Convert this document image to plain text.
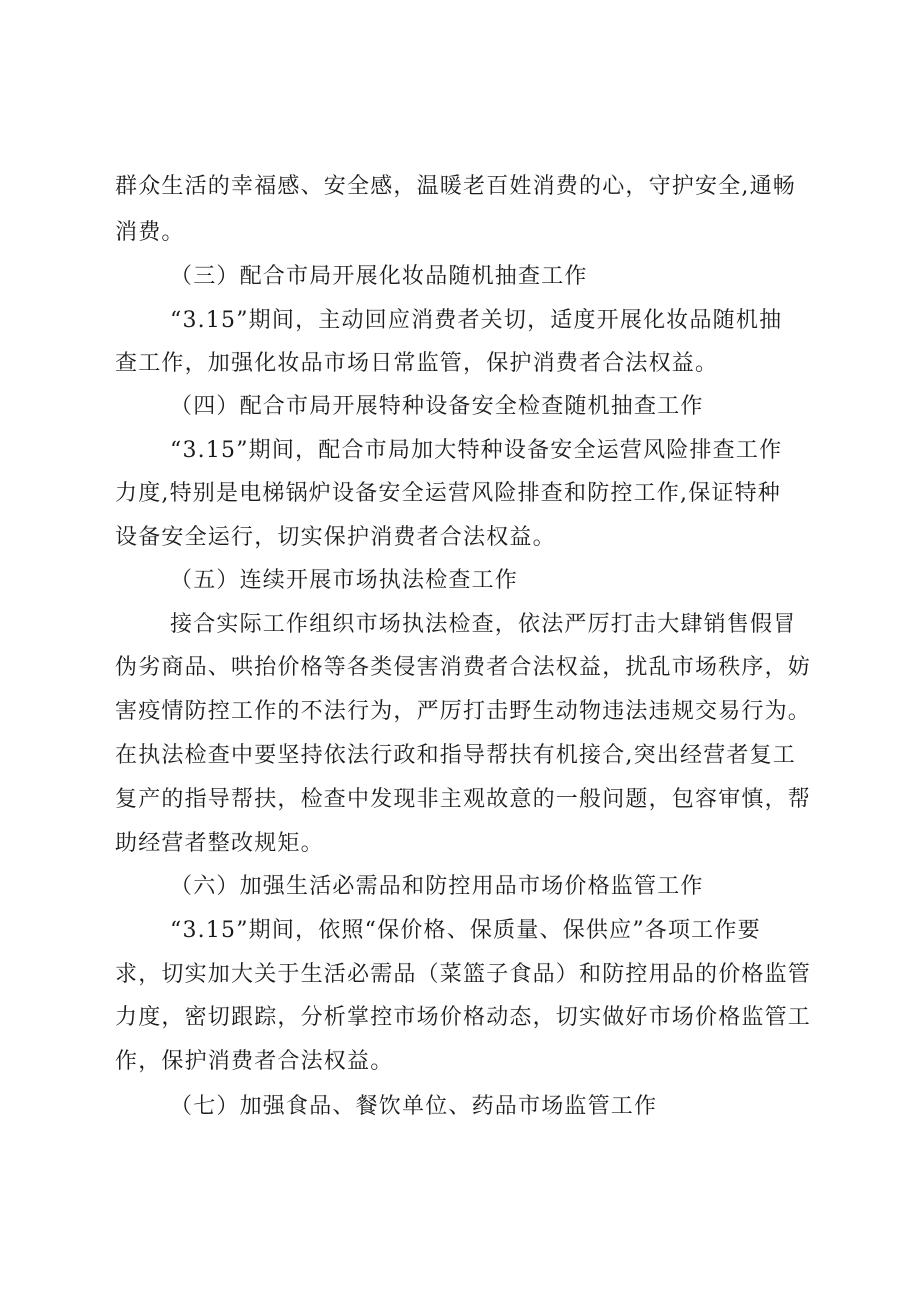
群众生活的幸福感、安全感，温暖老百姓消费的心，守护安全,通畅
消费。
（三）配合市局开展化妆品随机抽查工作
“3.15”期间，主动回应消费者关切，适度开展化妆品随机抽
查工作，加强化妆品市场日常监管，保护消费者合法权益。
（四）配合市局开展特种设备安全检查随机抽查工作
“3.15”期间，配合市局加大特种设备安全运营风险排查工作
力度,特别是电梯锅炉设备安全运营风险排查和防控工作,保证特种
设备安全运行，切实保护消费者合法权益。
（五）连续开展市场执法检查工作
接合实际工作组织市场执法检查，依法严厉打击大肆销售假冒
伪劣商品、哄抬价格等各类侵害消费者合法权益，扰乱市场秩序，妨
害疫情防控工作的不法行为，严厉打击野生动物违法违规交易行为。
在执法检查中要坚持依法行政和指导帮扶有机接合,突出经营者复工
复产的指导帮扶，检查中发现非主观故意的一般问题，包容审慎，帮
助经营者整改规矩。
（六）加强生活必需品和防控用品市场价格监管工作
“3.15”期间，依照“保价格、保质量、保供应”各项工作要
求，切实加大关于生活必需品（菜篮子食品）和防控用品的价格监管
力度，密切跟踪，分析掌控市场价格动态，切实做好市场价格监管工
作，保护消费者合法权益。
（七）加强食品、餐饮单位、药品市场监管工作
